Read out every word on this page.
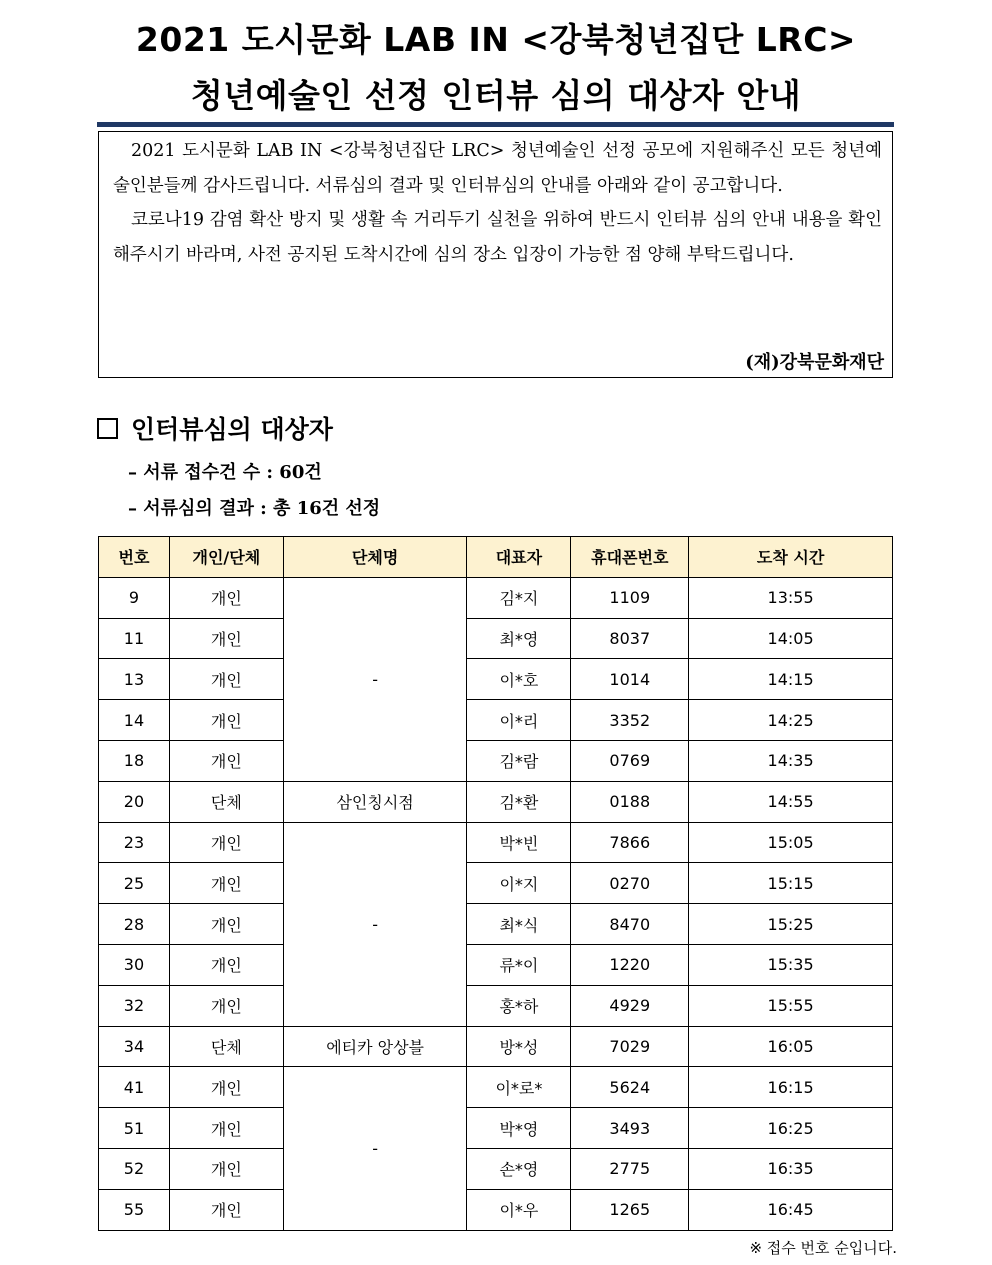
2021 도시문화 LAB IN <강북청년집단 LRC>
청년예술인 선정 인터뷰 심의 대상자 안내

2021 도시문화 LAB IN <강북청년집단 LRC> 청년예술인 선정 공모에 지원해주신 모든 청년예술인분들께 감사드립니다. 서류심의 결과 및 인터뷰심의 안내를 아래와 같이 공고합니다.

코로나19 감염 확산 방지 및 생활 속 거리두기 실천을 위하여 반드시 인터뷰 심의 안내 내용을 확인해주시기 바라며, 사전 공지된 도착시간에 심의 장소 입장이 가능한 점 양해 부탁드립니다.

(재)강북문화재단
인터뷰심의 대상자
– 서류 접수건 수 : 60건
– 서류심의 결과 : 총 16건 선정
번호	개인/단체	단체명	대표자	휴대폰번호	도착 시간
9	개인	-	김*지	1109	13:55
11	개인		최*영	8037	14:05
13	개인		이*호	1014	14:15
14	개인		이*리	3352	14:25
18	개인		김*람	0769	14:35
20	단체	삼인칭시점	김*환	0188	14:55
23	개인	-	박*빈	7866	15:05
25	개인		이*지	0270	15:15
28	개인		최*식	8470	15:25
30	개인		류*이	1220	15:35
32	개인		홍*하	4929	15:55
34	단체	에티카 앙상블	방*성	7029	16:05
41	개인	-	이*로*	5624	16:15
51	개인		박*영	3493	16:25
52	개인		손*영	2775	16:35
55	개인		이*우	1265	16:45
※ 접수 번호 순입니다.
